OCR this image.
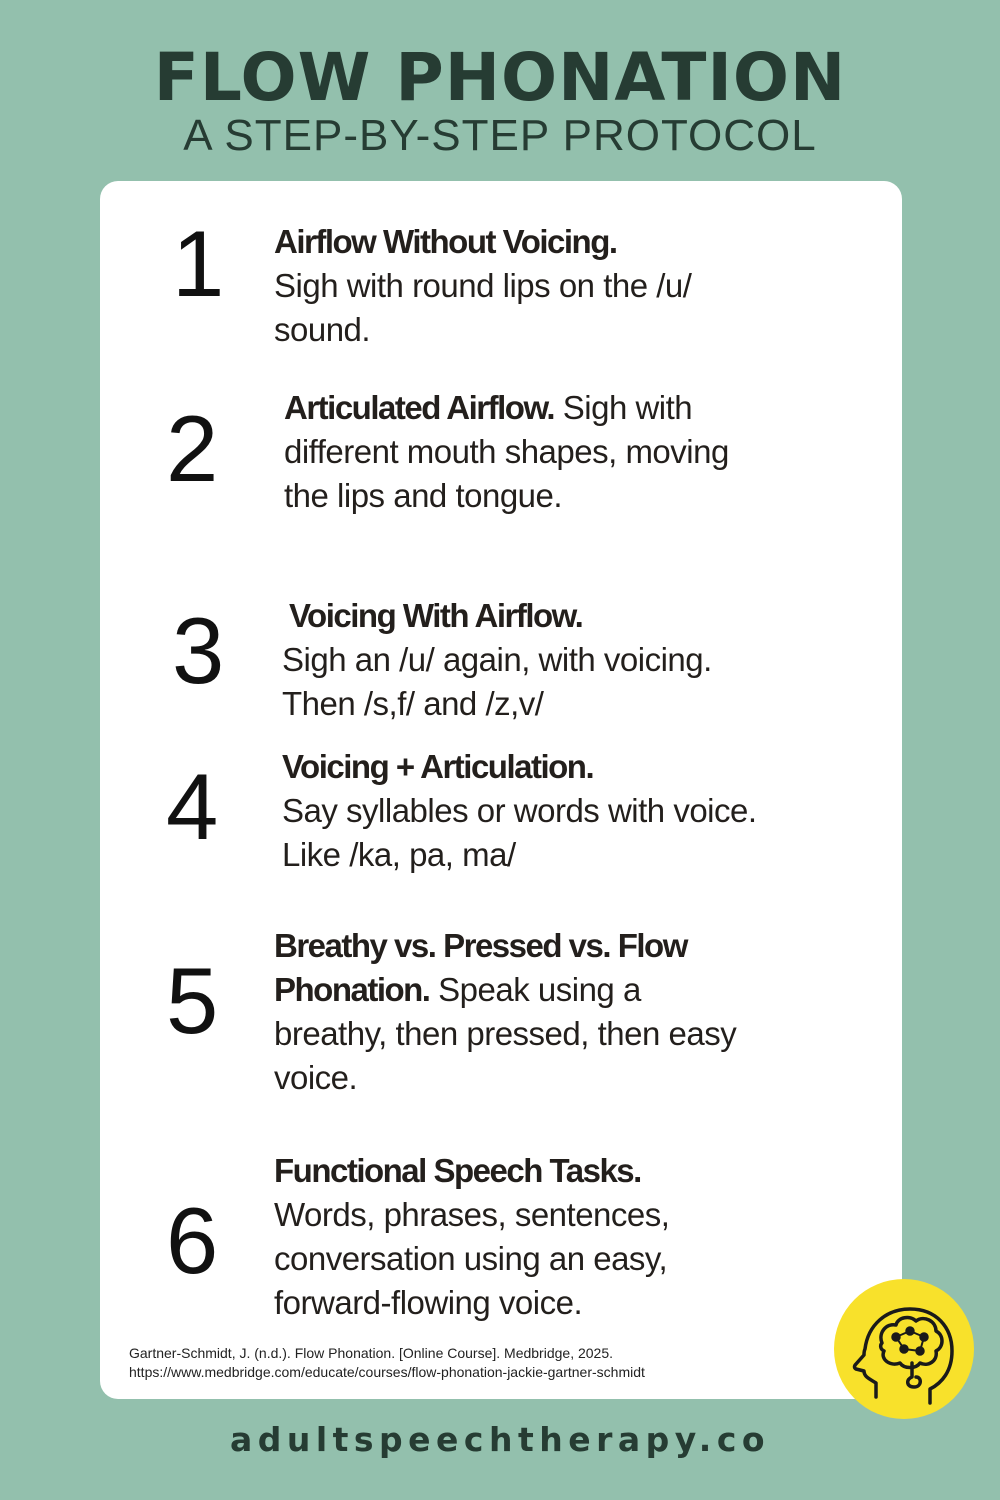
FLOW PHONATION
A STEP-BY-STEP PROTOCOL
1 Airflow Without Voicing.
Sigh with round lips on the /u/
sound.
2 Articulated Airflow. Sigh with
different mouth shapes, moving
the lips and tongue.
3 Voicing With Airflow.
Sigh an /u/ again, with voicing.
Then /s,f/ and /z,v/
4 Voicing + Articulation.
Say syllables or words with voice.
Like /ka, pa, ma/
5
Breathy vs. Pressed vs. Flow
Phonation. Speak using a
breathy, then pressed, then easy
voice.
6
Functional Speech Tasks.
Words, phrases, sentences,
conversation using an easy,
forward-flowing voice.
Gartner-Schmidt, J. (n.d.). Flow Phonation. [Online Course]. Medbridge, 2025.
https://www.medbridge.com/educate/courses/flow-phonation-jackie-gartner-schmidt
adultspeechtherapy.co
